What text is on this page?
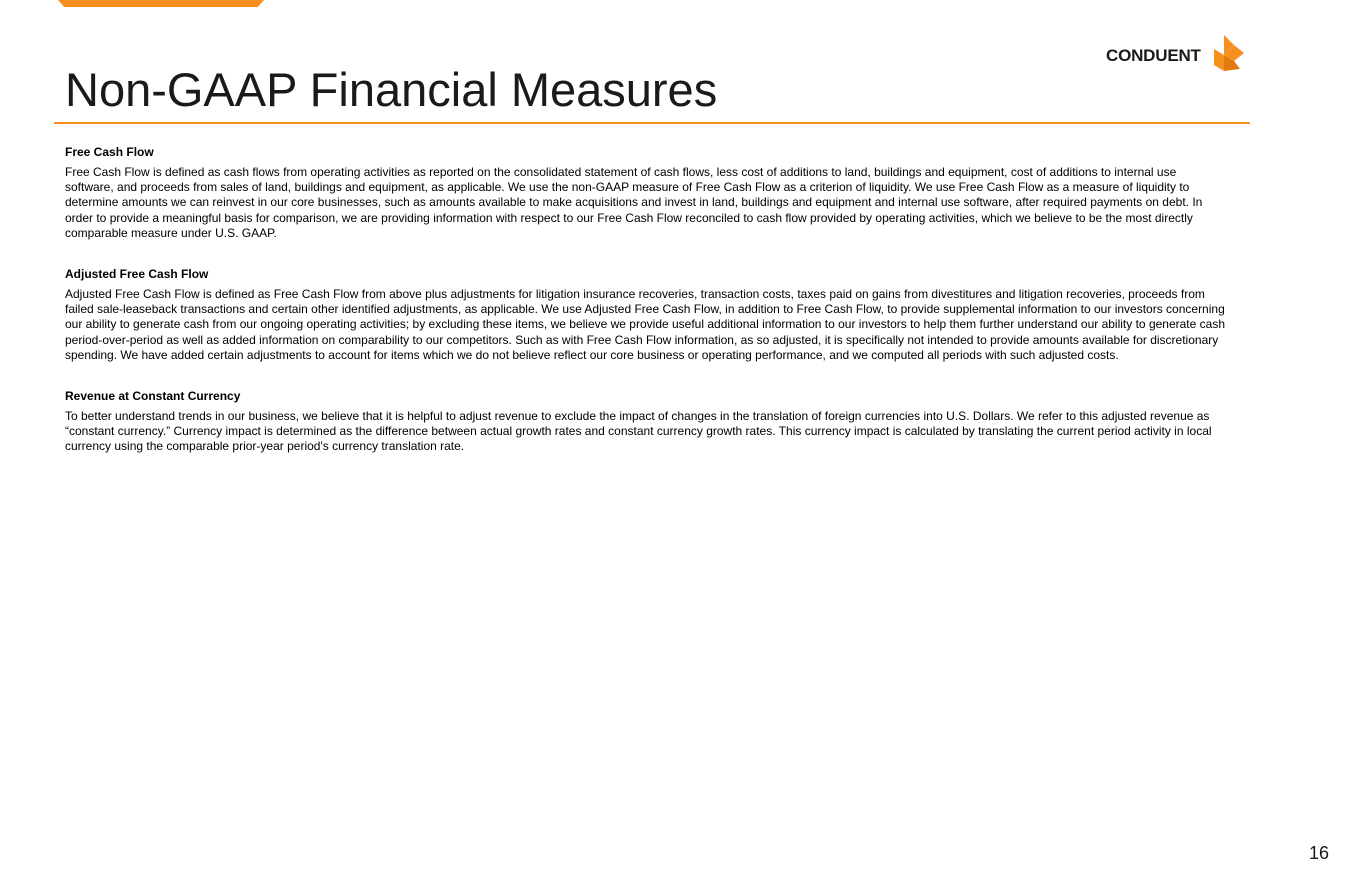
CONDUENT
Non-GAAP Financial Measures

Free Cash Flow

Free Cash Flow is defined as cash flows from operating activities as reported on the consolidated statement of cash flows, less cost of additions to land, buildings and equipment, cost of additions to internal use software, and proceeds from sales of land, buildings and equipment, as applicable. We use the non-GAAP measure of Free Cash Flow as a criterion of liquidity. We use Free Cash Flow as a measure of liquidity to determine amounts we can reinvest in our core businesses, such as amounts available to make acquisitions and invest in land, buildings and equipment and internal use software, after required payments on debt. In order to provide a meaningful basis for comparison, we are providing information with respect to our Free Cash Flow reconciled to cash flow provided by operating activities, which we believe to be the most directly comparable measure under U.S. GAAP.

Adjusted Free Cash Flow

Adjusted Free Cash Flow is defined as Free Cash Flow from above plus adjustments for litigation insurance recoveries, transaction costs, taxes paid on gains from divestitures and litigation recoveries, proceeds from failed sale-leaseback transactions and certain other identified adjustments, as applicable. We use Adjusted Free Cash Flow, in addition to Free Cash Flow, to provide supplemental information to our investors concerning our ability to generate cash from our ongoing operating activities; by excluding these items, we believe we provide useful additional information to our investors to help them further understand our ability to generate cash period-over-period as well as added information on comparability to our competitors. Such as with Free Cash Flow information, as so adjusted, it is specifically not intended to provide amounts available for discretionary spending. We have added certain adjustments to account for items which we do not believe reflect our core business or operating performance, and we computed all periods with such adjusted costs.

Revenue at Constant Currency

To better understand trends in our business, we believe that it is helpful to adjust revenue to exclude the impact of changes in the translation of foreign currencies into U.S. Dollars. We refer to this adjusted revenue as “constant currency.” Currency impact is determined as the difference between actual growth rates and constant currency growth rates. This currency impact is calculated by translating the current period activity in local currency using the comparable prior-year period's currency translation rate.

16
